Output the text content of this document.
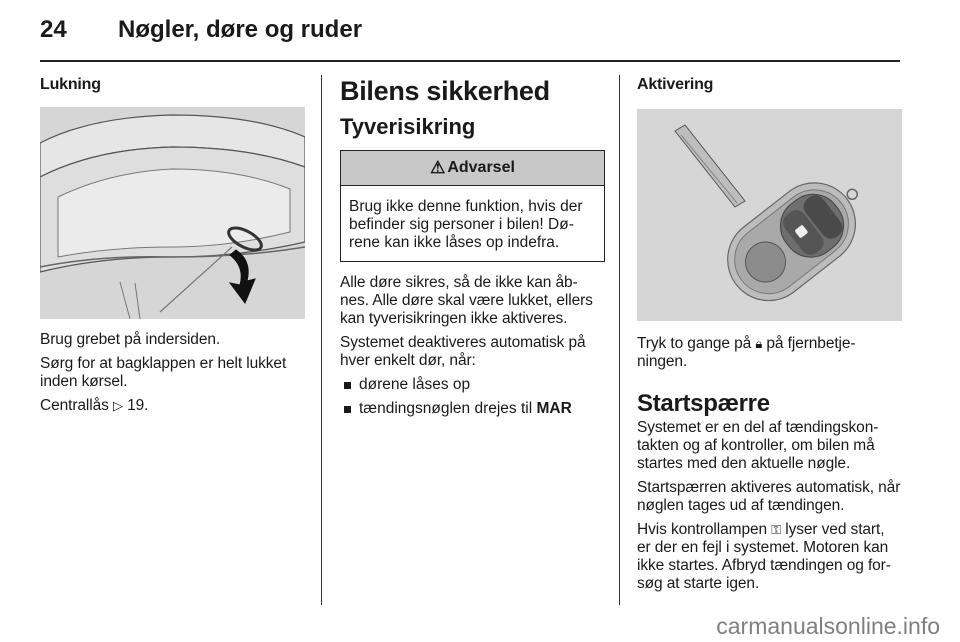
24 Nøgler, døre og ruder
Lukning

Brug grebet på indersiden.

Sørg for at bagklappen er helt lukket inden kørsel.

Centrallås ▷ 19.

Bilens sikkerhed
Tyverisikring
⚠ Advarsel
Brug ikke denne funktion, hvis der befinder sig personer i bilen! Dø-rene kan ikke låses op indefra.

Alle døre sikres, så de ikke kan åb-nes. Alle døre skal være lukket, ellers kan tyverisikringen ikke aktiveres.

Systemet deaktiveres automatisk på hver enkelt dør, når:

dørene låses op
tændingsnøglen drejes til MAR
Aktivering

Tryk to gange på 🔒︎ på fjernbetje-ningen.

Startspærre

Systemet er en del af tændingskon-takten og af kontroller, om bilen må startes med den aktuelle nøgle.

Startspærren aktiveres automatisk, når nøglen tages ud af tændingen.

Hvis kontrollampen ⚿ lyser ved start, er der en fejl i systemet. Motoren kan ikke startes. Afbryd tændingen og for-søg at starte igen.

carmanualsonline.info
